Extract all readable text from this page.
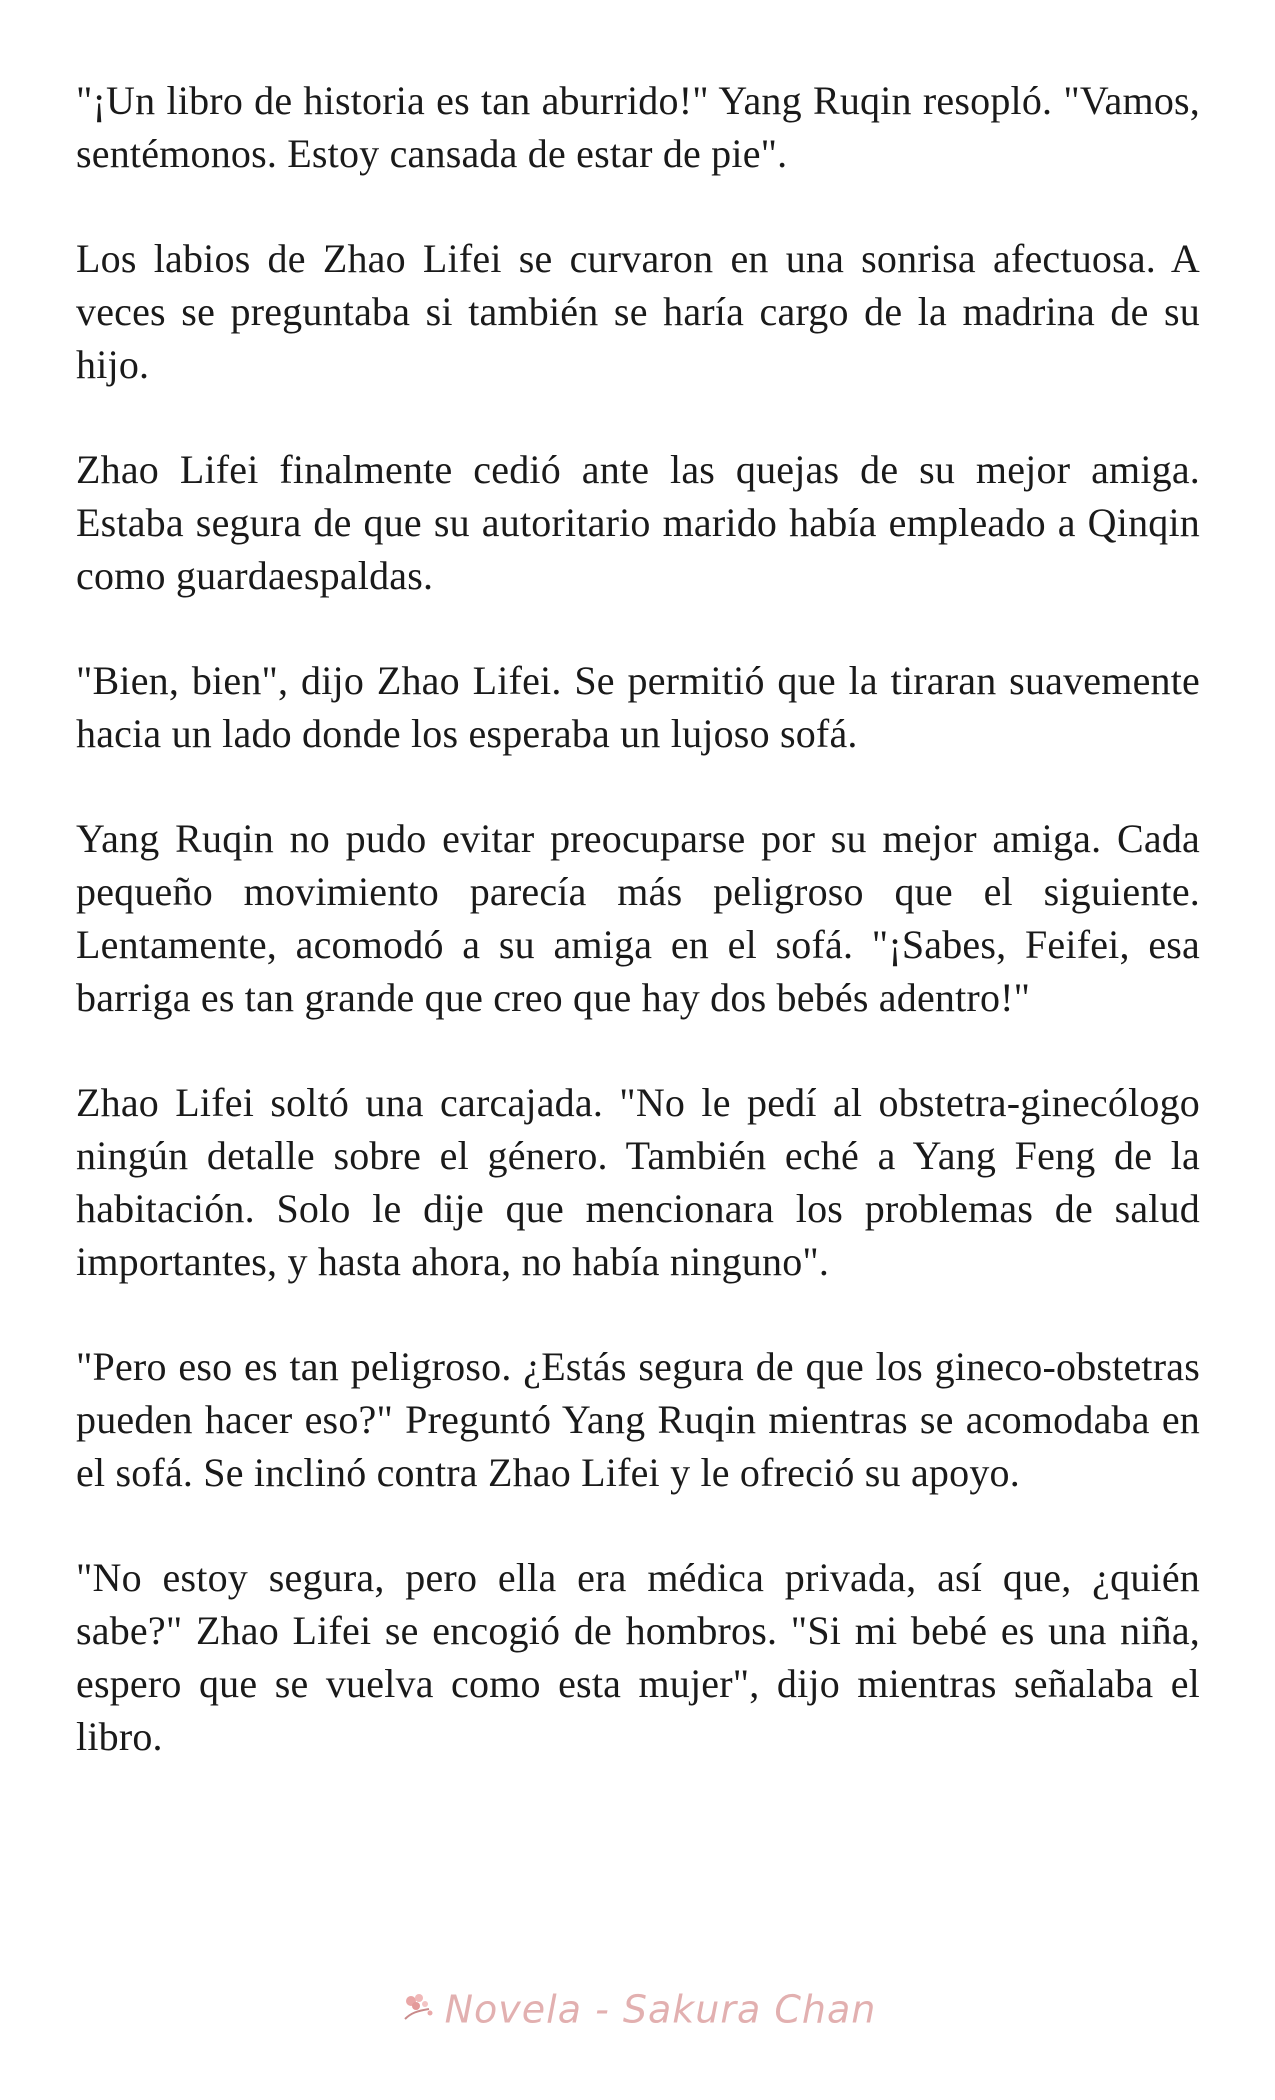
"¡Un libro de historia es tan aburrido!" Yang Ruqin resopló. "Vamos, sentémonos. Estoy cansada de estar de pie".

Los labios de Zhao Lifei se curvaron en una sonrisa afectuosa. A veces se preguntaba si también se haría cargo de la madrina de su hijo.

Zhao Lifei finalmente cedió ante las quejas de su mejor amiga. Estaba segura de que su autoritario marido había empleado a Qinqin como guardaespaldas.

"Bien, bien", dijo Zhao Lifei. Se permitió que la tiraran suavemente hacia un lado donde los esperaba un lujoso sofá.

Yang Ruqin no pudo evitar preocuparse por su mejor amiga. Cada pequeño movimiento parecía más peligroso que el siguiente. Lentamente, acomodó a su amiga en el sofá. "¡Sabes, Feifei, esa barriga es tan grande que creo que hay dos bebés adentro!"

Zhao Lifei soltó una carcajada. "No le pedí al obstetra-ginecólogo ningún detalle sobre el género. También eché a Yang Feng de la habitación. Solo le dije que mencionara los problemas de salud importantes, y hasta ahora, no había ninguno".

"Pero eso es tan peligroso. ¿Estás segura de que los gineco-obstetras pueden hacer eso?" Preguntó Yang Ruqin mientras se acomodaba en el sofá. Se inclinó contra Zhao Lifei y le ofreció su apoyo.

"No estoy segura, pero ella era médica privada, así que, ¿quién sabe?" Zhao Lifei se encogió de hombros. "Si mi bebé es una niña, espero que se vuelva como esta mujer", dijo mientras señalaba el libro.

Novela - Sakura Chan
